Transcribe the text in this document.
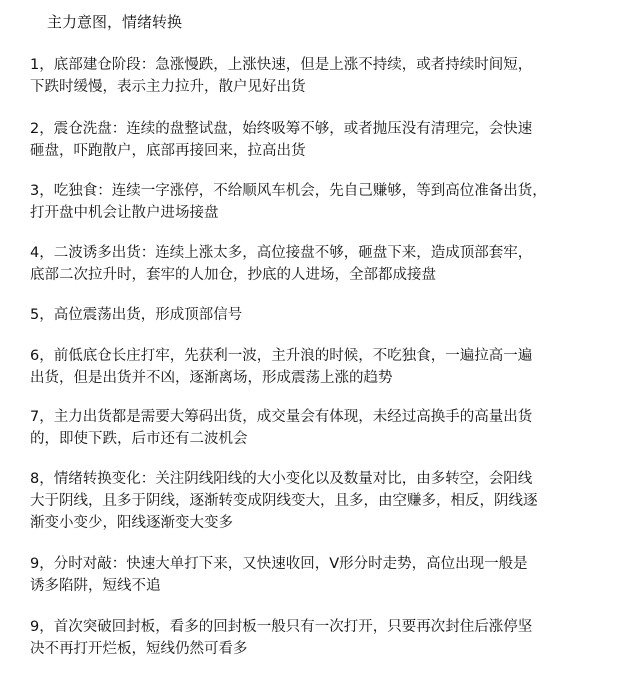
主力意图，情绪转换
1，底部建仓阶段：急涨慢跌，上涨快速，但是上涨不持续，或者持续时间短，
下跌时缓慢，表示主力拉升，散户见好出货
2，震仓洗盘：连续的盘整试盘，始终吸筹不够，或者抛压没有清理完，会快速
砸盘，吓跑散户，底部再接回来，拉高出货
3，吃独食：连续一字涨停，不给顺风车机会，先自己赚够，等到高位准备出货，
打开盘中机会让散户进场接盘
4，二波诱多出货：连续上涨太多，高位接盘不够，砸盘下来，造成顶部套牢，
底部二次拉升时，套牢的人加仓，抄底的人进场，全部都成接盘
5，高位震荡出货，形成顶部信号
6，前低底仓长庄打牢，先获利一波，主升浪的时候，不吃独食，一遍拉高一遍
出货，但是出货并不凶，逐渐离场，形成震荡上涨的趋势
7，主力出货都是需要大筹码出货，成交量会有体现，未经过高换手的高量出货
的，即使下跌，后市还有二波机会
8，情绪转换变化：关注阴线阳线的大小变化以及数量对比，由多转空，会阳线
大于阴线，且多于阴线，逐渐转变成阴线变大，且多，由空赚多，相反，阴线逐
渐变小变少，阳线逐渐变大变多
9，分时对敲：快速大单打下来，又快速收回，V形分时走势，高位出现一般是
诱多陷阱，短线不追
9，首次突破回封板，看多的回封板一般只有一次打开，只要再次封住后涨停坚
决不再打开烂板，短线仍然可看多
